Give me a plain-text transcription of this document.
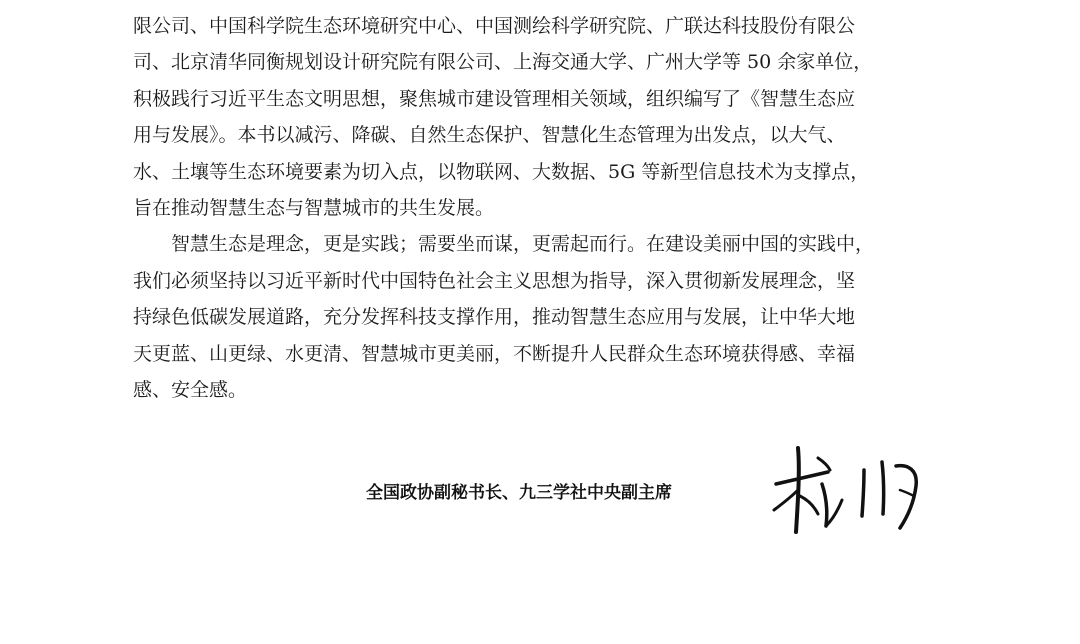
限公司、中国科学院生态环境研究中心、中国测绘科学研究院、广联达科技股份有限公
司、北京清华同衡规划设计研究院有限公司、上海交通大学、广州大学等 50 余家单位，
积极践行习近平生态文明思想，聚焦城市建设管理相关领域，组织编写了《智慧生态应
用与发展》。本书以减污、降碳、自然生态保护、智慧化生态管理为出发点，以大气、
水、土壤等生态环境要素为切入点，以物联网、大数据、5G 等新型信息技术为支撑点，
旨在推动智慧生态与智慧城市的共生发展。
智慧生态是理念，更是实践；需要坐而谋，更需起而行。在建设美丽中国的实践中，
我们必须坚持以习近平新时代中国特色社会主义思想为指导，深入贯彻新发展理念，坚
持绿色低碳发展道路，充分发挥科技支撑作用，推动智慧生态应用与发展，让中华大地
天更蓝、山更绿、水更清、智慧城市更美丽，不断提升人民群众生态环境获得感、幸福
感、安全感。
全国政协副秘书长、九三学社中央副主席
